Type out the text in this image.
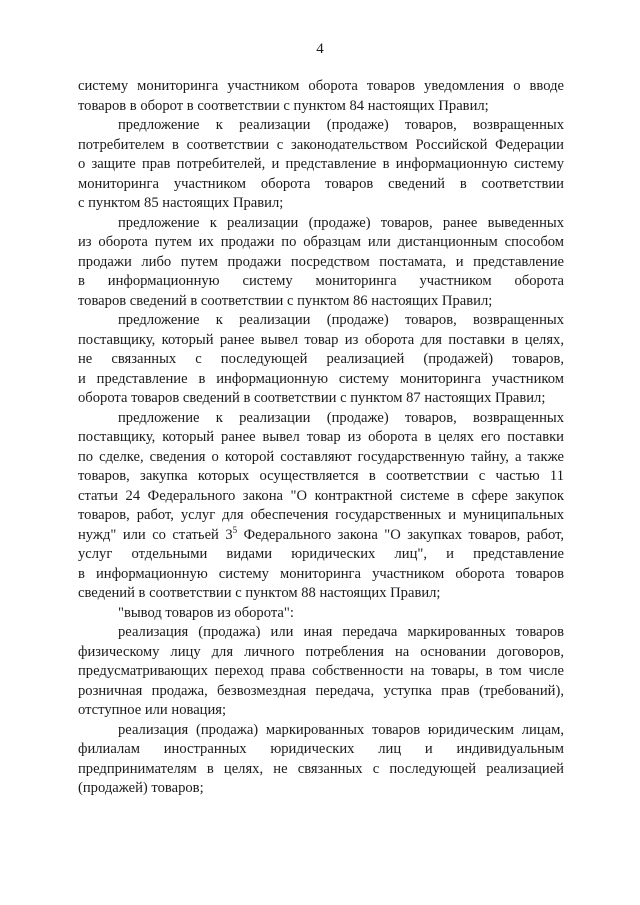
4
систему мониторинга участником оборота товаров уведомления о вводе
товаров в оборот в соответствии с пунктом 84 настоящих Правил;
предложение к реализации (продаже) товаров, возвращенных
потребителем в соответствии с законодательством Российской Федерации
о защите прав потребителей, и представление в информационную систему
мониторинга участником оборота товаров сведений в соответствии
с пунктом 85 настоящих Правил;
предложение к реализации (продаже) товаров, ранее выведенных
из оборота путем их продажи по образцам или дистанционным способом
продажи либо путем продажи посредством постамата, и представление
в информационную систему мониторинга участником оборота
товаров сведений в соответствии с пунктом 86 настоящих Правил;
предложение к реализации (продаже) товаров, возвращенных
поставщику, который ранее вывел товар из оборота для поставки в целях,
не связанных с последующей реализацией (продажей) товаров,
и представление в информационную систему мониторинга участником
оборота товаров сведений в соответствии с пунктом 87 настоящих Правил;
предложение к реализации (продаже) товаров, возвращенных
поставщику, который ранее вывел товар из оборота в целях его поставки
по сделке, сведения о которой составляют государственную тайну, а также
товаров, закупка которых осуществляется в соответствии с частью 11
статьи 24 Федерального закона "О контрактной системе в сфере закупок
товаров, работ, услуг для обеспечения государственных и муниципальных
нужд" или со статьей $3^5$ Федерального закона "О закупках товаров, работ,
услуг отдельными видами юридических лиц", и представление
в информационную систему мониторинга участником оборота товаров
сведений в соответствии с пунктом 88 настоящих Правил;
"вывод товаров из оборота":
реализация (продажа) или иная передача маркированных товаров
физическому лицу для личного потребления на основании договоров,
предусматривающих переход права собственности на товары, в том числе
розничная продажа, безвозмездная передача, уступка прав (требований),
отступное или новация;
реализация (продажа) маркированных товаров юридическим лицам,
филиалам иностранных юридических лиц и индивидуальным
предпринимателям в целях, не связанных с последующей реализацией
(продажей) товаров;
